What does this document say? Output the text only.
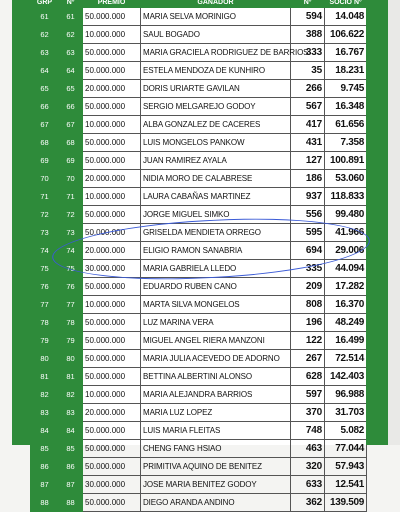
GRP	Nº	PREMIO	GANADOR	Nº	SOCIO Nº
61	61	50.000.000	MARIA SELVA MORINIGO	594	14.048
62	62	10.000.000	SAUL BOGADO	388	106.622
63	63	50.000.000	MARIA GRACIELA RODRIGUEZ DE BARRIOS	333	16.767
64	64	50.000.000	ESTELA MENDOZA DE KUNHIRO	35	18.231
65	65	20.000.000	DORIS URIARTE GAVILAN	266	9.745
66	66	50.000.000	SERGIO MELGAREJO GODOY	567	16.348
67	67	10.000.000	ALBA GONZALEZ DE CACERES	417	61.656
68	68	50.000.000	LUIS MONGELOS PANKOW	431	7.358
69	69	50.000.000	JUAN RAMIREZ AYALA	127	100.891
70	70	20.000.000	NIDIA MORO DE CALABRESE	186	53.060
71	71	10.000.000	LAURA CABAÑAS MARTINEZ	937	118.833
72	72	50.000.000	JORGE MIGUEL SIMKO	556	99.480
73	73	50.000.000	GRISELDA MENDIETA ORREGO	595	41.966
74	74	20.000.000	ELIGIO RAMON SANABRIA	694	29.006
75	75	30.000.000	MARIA GABRIELA LLEDO	335	44.094
76	76	50.000.000	EDUARDO RUBEN CANO	209	17.282
77	77	10.000.000	MARTA SILVA MONGELOS	808	16.370
78	78	50.000.000	LUZ MARINA VERA	196	48.249
79	79	50.000.000	MIGUEL ANGEL RIERA MANZONI	122	16.499
80	80	50.000.000	MARIA JULIA ACEVEDO DE ADORNO	267	72.514
81	81	50.000.000	BETTINA ALBERTINI ALONSO	628	142.403
82	82	10.000.000	MARIA ALEJANDRA BARRIOS	597	96.988
83	83	20.000.000	MARIA LUZ LOPEZ	370	31.703
84	84	50.000.000	LUIS MARIA FLEITAS	748	5.082
85	85	50.000.000	CHENG FANG HSIAO	463	77.044
86	86	50.000.000	PRIMITIVA AQUINO DE BENITEZ	320	57.943
87	87	30.000.000	JOSE MARIA BENITEZ GODOY	633	12.541
88	88	50.000.000	DIEGO ARANDA ANDINO	362	139.509
